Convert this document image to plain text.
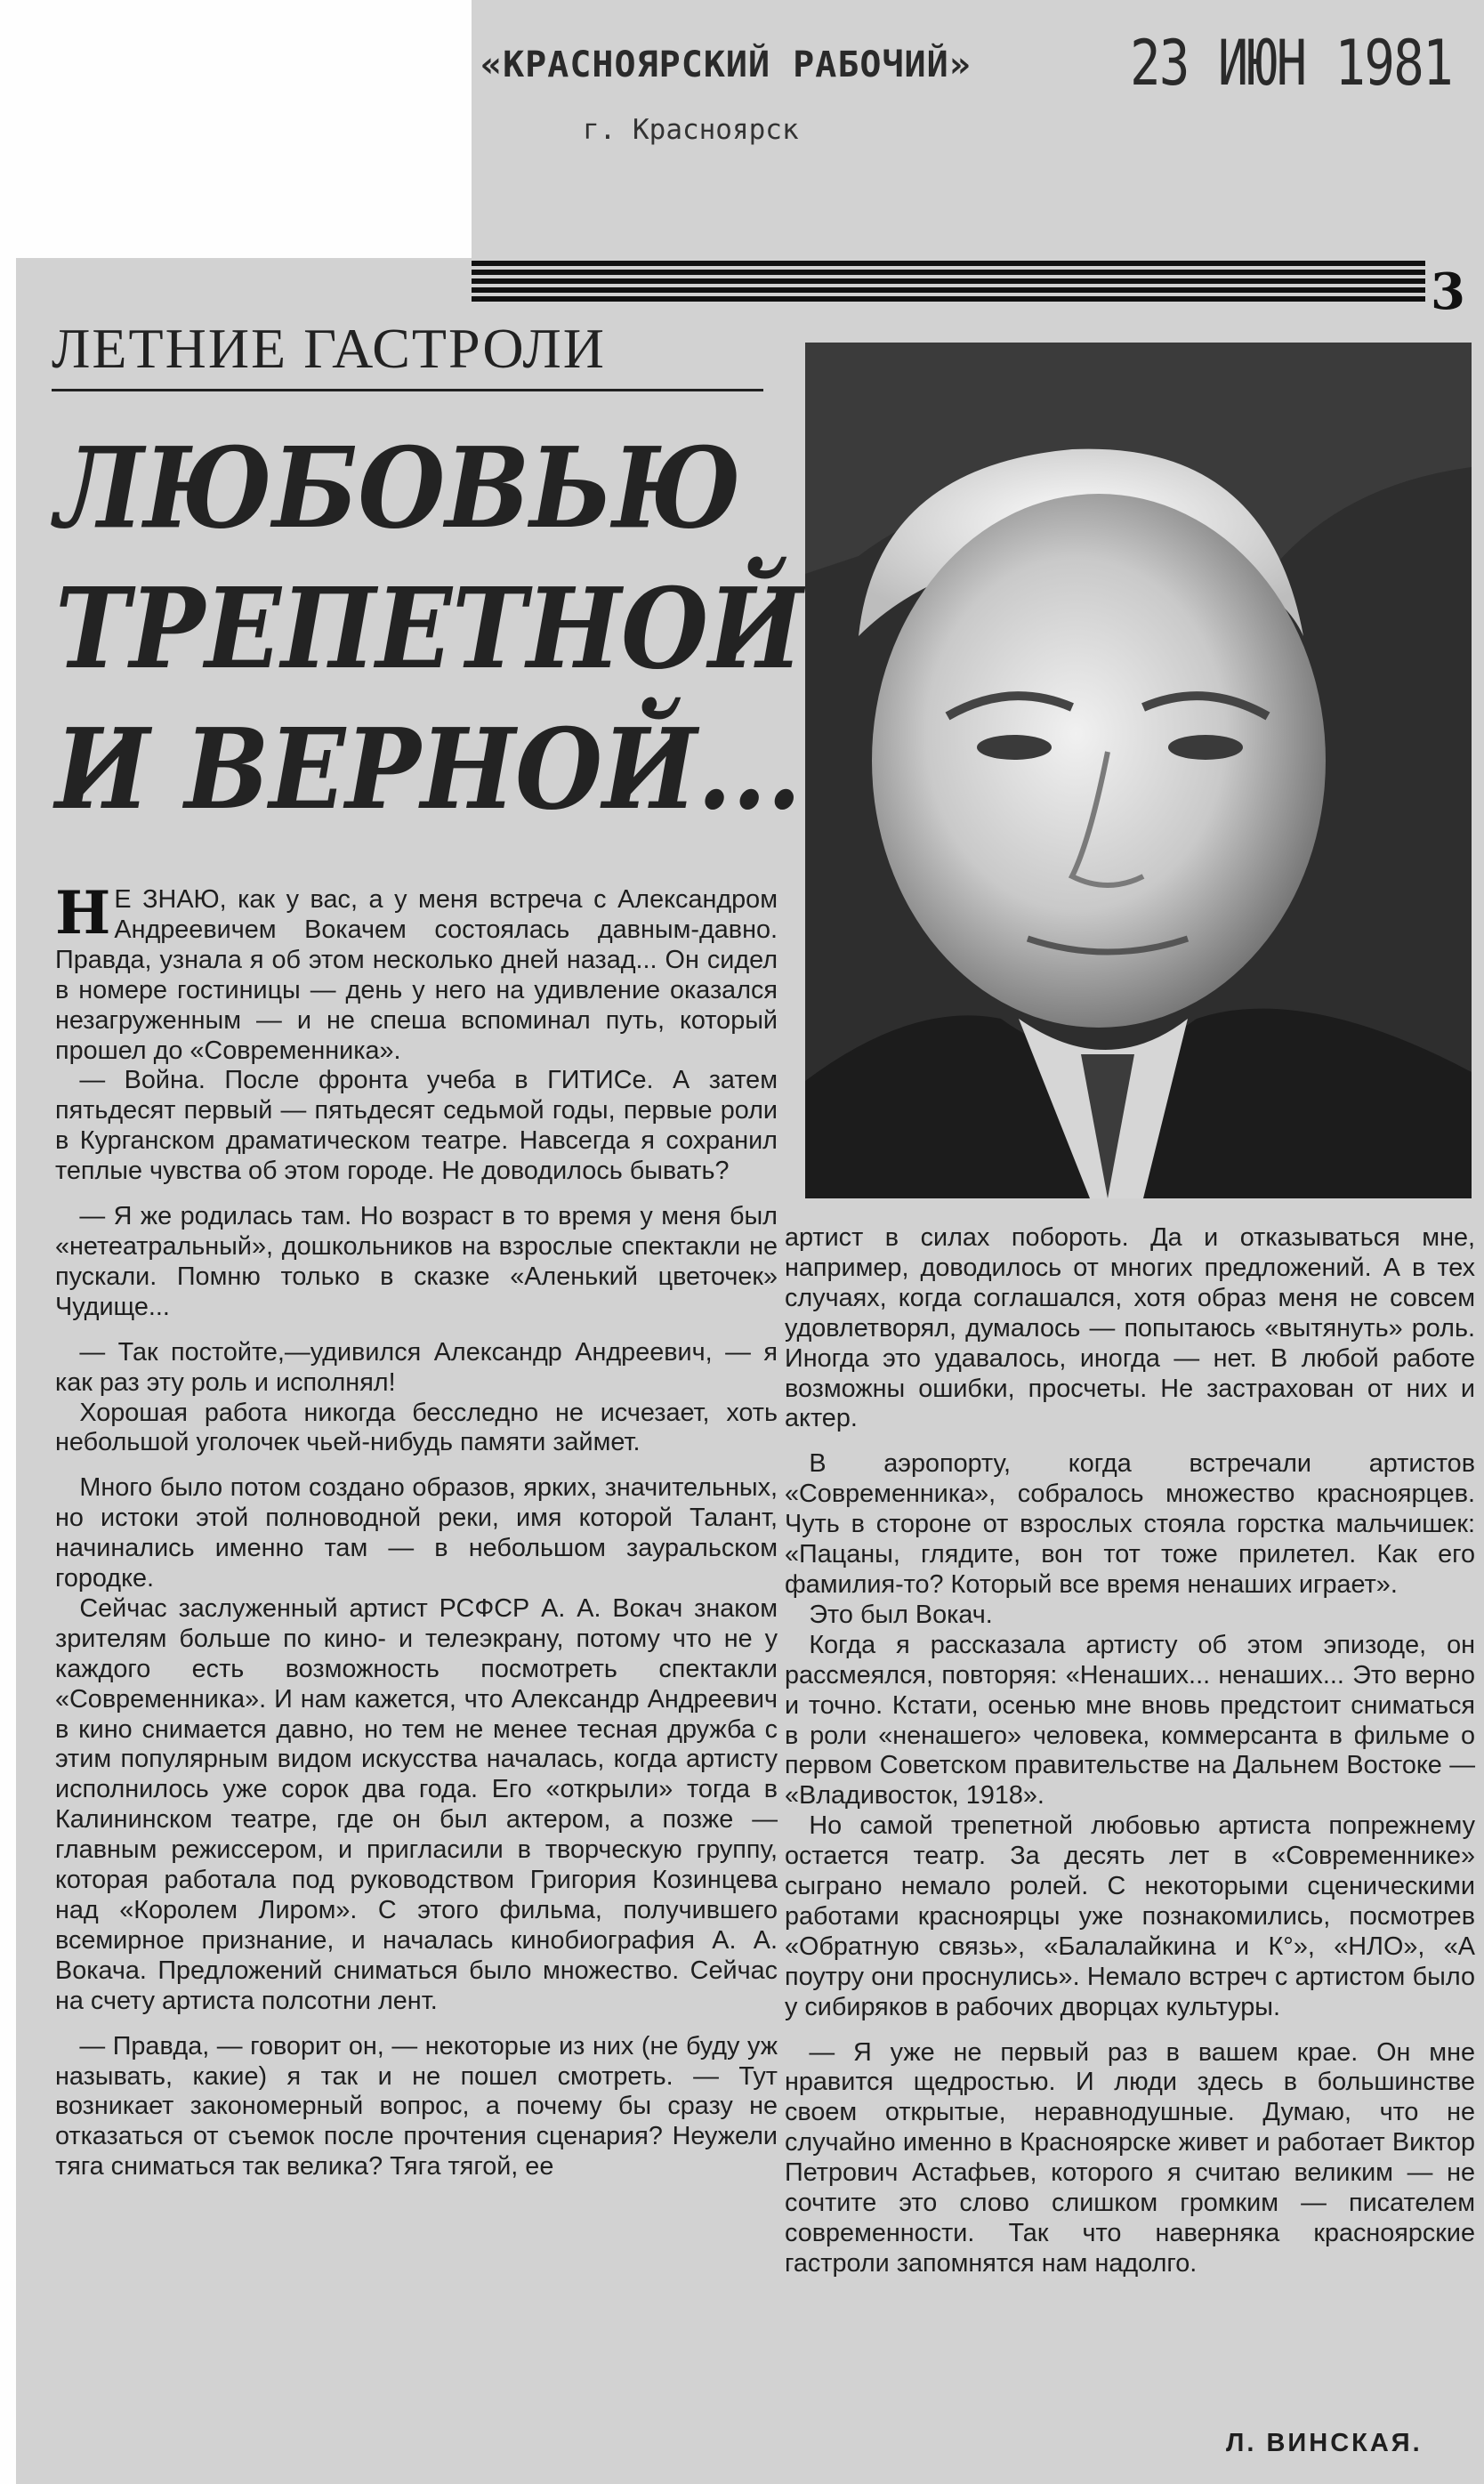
«КРАСНОЯРСКИЙ РАБОЧИЙ»
г. Красноярск
23 ИЮН 1981
3
ЛЕТНИЕ ГАСТРОЛИ
ЛЮБОВЬЮ
ТРЕПЕТНОЙ
И ВЕРНОЙ...

Н Е ЗНАЮ, как у вас, а у меня встреча с Александром Андреевичем Вокачем состоялась давным-давно. Правда, узнала я об этом несколько дней назад... Он сидел в номере гостиницы — день у него на удивление оказался незагруженным — и не спеша вспоминал путь, который прошел до «Современника».

— Война. После фронта учеба в ГИТИСе. А затем пятьдесят первый — пятьдесят седьмой годы, первые роли в Курганском драматическом театре. Навсегда я сохранил теплые чувства об этом городе. Не доводилось бывать?

— Я же родилась там. Но возраст в то время у меня был «нетеатральный», дошкольников на взрослые спектакли не пускали. Помню только в сказке «Аленький цветочек» Чудище...

— Так постойте,—удивился Александр Андреевич, — я как раз эту роль и исполнял!

Хорошая работа никогда бесследно не исчезает, хоть небольшой уголочек чьей-нибудь памяти займет.

Много было потом создано образов, ярких, значительных, но истоки этой полноводной реки, имя которой Талант, начинались именно там — в небольшом зауральском городке.

Сейчас заслуженный артист РСФСР А. А. Вокач знаком зрителям больше по кино- и телеэкрану, потому что не у каждого есть возможность посмотреть спектакли «Современника». И нам кажется, что Александр Андреевич в кино снимается давно, но тем не менее тесная дружба с этим популярным видом искусства началась, когда артисту исполнилось уже сорок два года. Его «открыли» тогда в Калининском театре, где он был актером, а позже — главным режиссером, и пригласили в творческую группу, которая работала под руководством Григория Козинцева над «Королем Лиром». С этого фильма, получившего всемирное признание, и началась кинобиография А. А. Вокача. Предложений сниматься было множество. Сейчас на счету артиста полсотни лент.

— Правда, — говорит он, — некоторые из них (не буду уж называть, какие) я так и не пошел смотреть. — Тут возникает закономерный вопрос, а почему бы сразу не отказаться от съемок после прочтения сценария? Неужели тяга сниматься так велика? Тяга тягой, ее

артист в силах побороть. Да и отказываться мне, например, доводилось от многих предложений. А в тех случаях, когда соглашался, хотя образ меня не совсем удовлетворял, думалось — попытаюсь «вытянуть» роль. Иногда это удавалось, иногда — нет. В любой работе возможны ошибки, просчеты. Не застрахован от них и актер.

В аэропорту, когда встречали артистов «Современника», собралось множество красноярцев. Чуть в стороне от взрослых стояла горстка мальчишек: «Пацаны, глядите, вон тот тоже прилетел. Как его фамилия-то? Который все время ненаших играет».

Это был Вокач.

Когда я рассказала артисту об этом эпизоде, он рассмеялся, повторяя: «Ненаших... ненаших... Это верно и точно. Кстати, осенью мне вновь предстоит сниматься в роли «ненашего» человека, коммерсанта в фильме о первом Советском правительстве на Дальнем Востоке — «Владивосток, 1918».

Но самой трепетной любовью артиста попрежнему остается театр. За десять лет в «Современнике» сыграно немало ролей. С некоторыми сценическими работами красноярцы уже познакомились, посмотрев «Обратную связь», «Балалайкина и К°», «НЛО», «А поутру они проснулись». Немало встреч с артистом было у сибиряков в рабочих дворцах культуры.

— Я уже не первый раз в вашем крае. Он мне нравится щедростью. И люди здесь в большинстве своем открытые, неравнодушные. Думаю, что не случайно именно в Красноярске живет и работает Виктор Петрович Астафьев, которого я считаю великим — не сочтите это слово слишком громким — писателем современности. Так что наверняка красноярские гастроли запомнятся нам надолго.

Л. ВИНСКАЯ.
